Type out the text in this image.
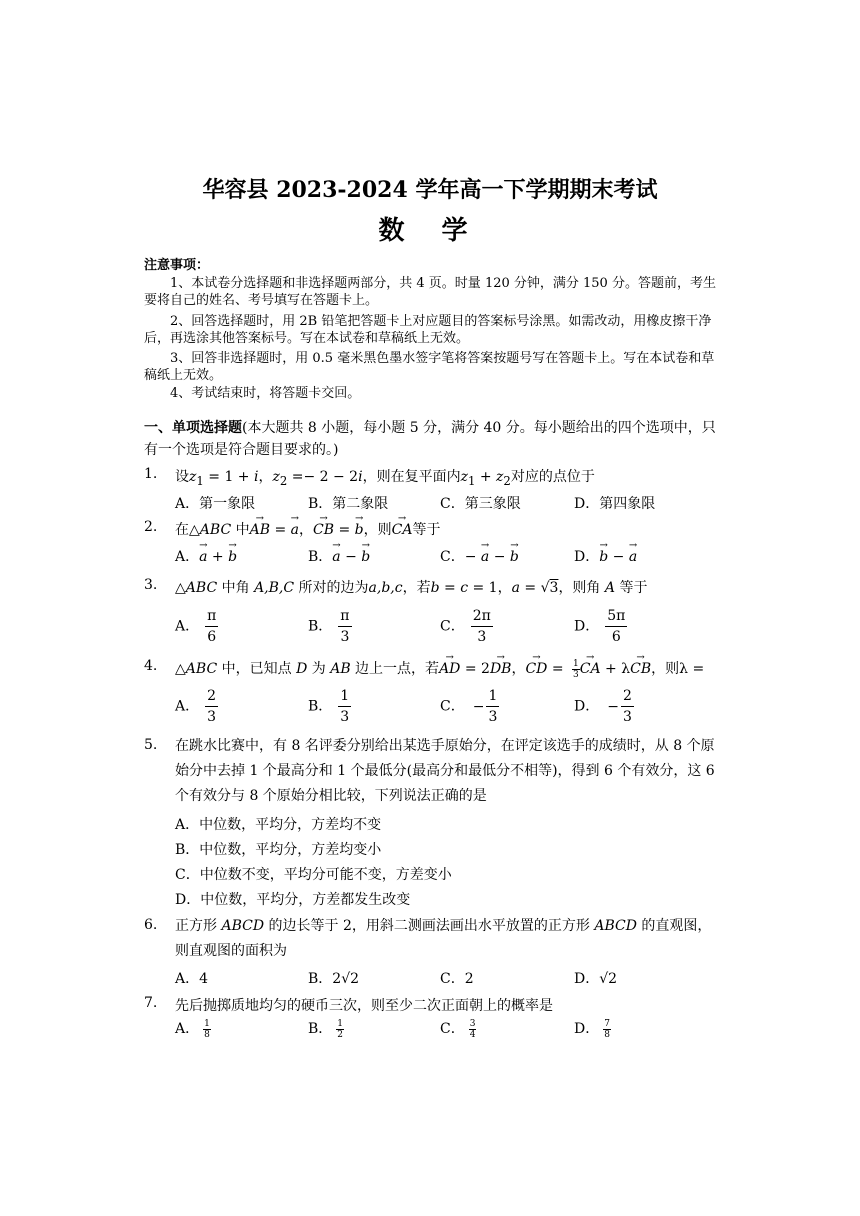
华容县 2023-2024 学年高一下学期期末考试
数 学
注意事项：
1、本试卷分选择题和非选择题两部分，共 4 页。时量 120 分钟，满分 150 分。答题前，考生要将自己的姓名、考号填写在答题卡上。
2、回答选择题时，用 2B 铅笔把答题卡上对应题目的答案标号涂黑。如需改动，用橡皮擦干净后，再选涂其他答案标号。写在本试卷和草稿纸上无效。
3、回答非选择题时，用 0.5 毫米黑色墨水签字笔将答案按题号写在答题卡上。写在本试卷和草稿纸上无效。
4、考试结束时，将答题卡交回。
一、单项选择题(本大题共 8 小题，每小题 5 分，满分 40 分。每小题给出的四个选项中，只有一个选项是符合题目要求的。)
1. 设$z_1 = 1 + i$，$z_2 =- 2 - 2i$，则在复平面内$z_1 + z_2$对应的点位于
A．第一象限	B．第二象限	C．第三象限	D．第四象限
2. 在△ABC 中→ AB = → a，→ CB = → b，则→ CA等于
A．→ a + → b	B．→ a − → b	C．− → a − → b	D．→ b − → a
3. △ABC 中角 A,B,C 所对的边为a,b,c，若b = c = 1，a = √3，则角 A 等于
A． $\frac{\pi}{6}$	B． $\frac{\pi}{3}$	C． $\frac{2\pi}{3}$	D． $\frac{5\pi}{6}$
4. △ABC 中，已知点 D 为 AB 边上一点，若→ AD = 2→ DB，→ CD = $\frac{1}{3}$ → CA + λ→ CB，则λ =
A． $\frac{2}{3}$	B． $\frac{1}{3}$	C． − $\frac{1}{3}$	D． − $\frac{2}{3}$
5. 在跳水比赛中，有 8 名评委分别给出某选手原始分，在评定该选手的成绩时，从 8 个原始分中去掉 1 个最高分和 1 个最低分(最高分和最低分不相等)，得到 6 个有效分，这 6 个有效分与 8 个原始分相比较，下列说法正确的是
A．中位数，平均分，方差均不变
B．中位数，平均分，方差均变小
C．中位数不变，平均分可能不变，方差变小
D．中位数，平均分，方差都发生改变
6. 正方形 ABCD 的边长等于 2，用斜二测画法画出水平放置的正方形 ABCD 的直观图，则直观图的面积为
A．4	B．2√2	C．2	D．√2
7. 先后抛掷质地均匀的硬币三次，则至少二次正面朝上的概率是
A． $\frac{1}{8}$	B． $\frac{1}{2}$	C． $\frac{3}{4}$	D． $\frac{7}{8}$
